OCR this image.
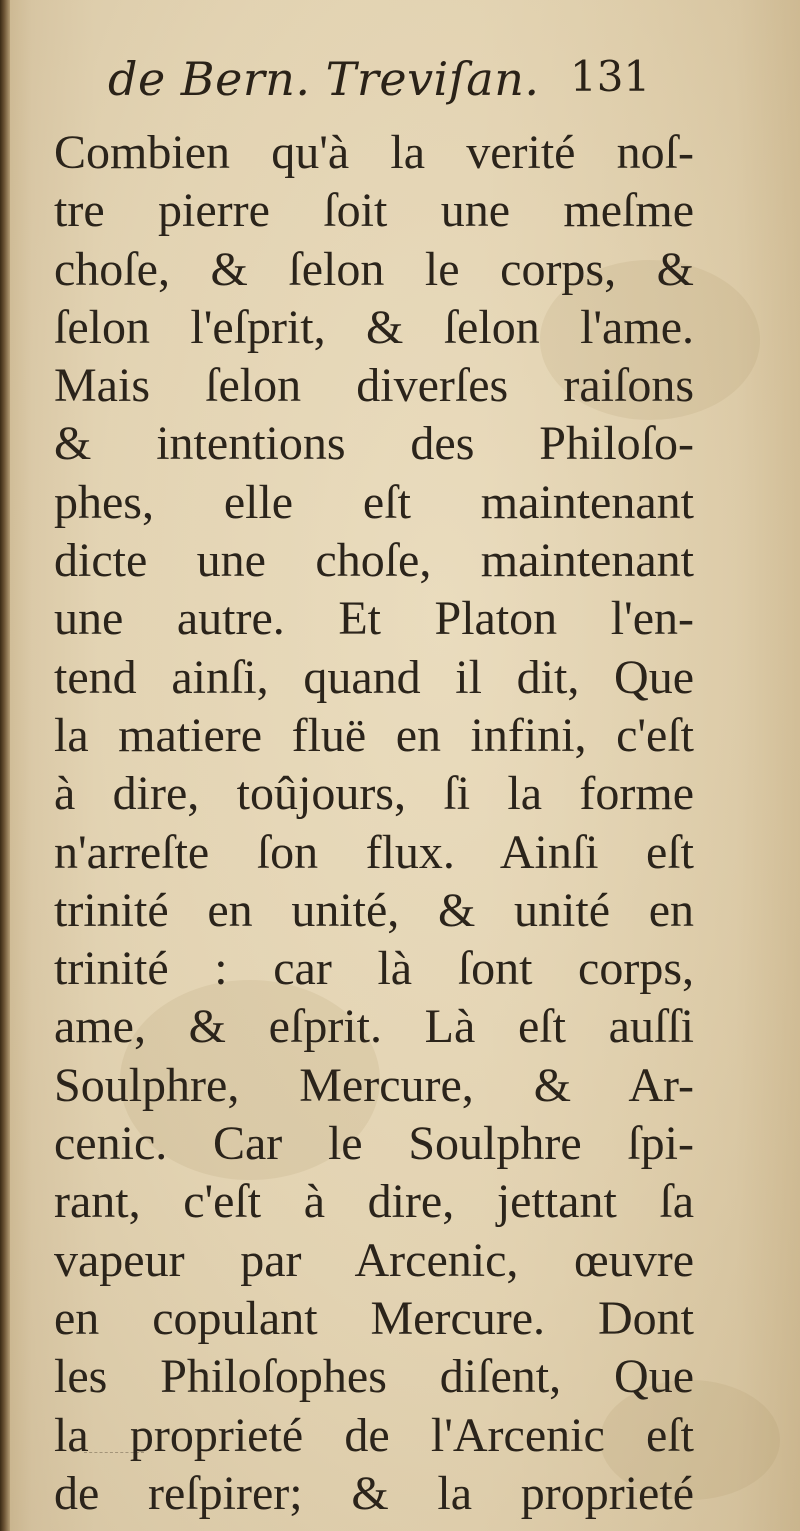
de Bern. Treviſan. 131
Combien qu'à la verité noſ-
tre pierre ſoit une meſme
choſe, & ſelon le corps, &
ſelon l'eſprit, & ſelon l'ame.
Mais ſelon diverſes raiſons
& intentions des Philoſo-
phes, elle eſt maintenant
dicte une choſe, maintenant
une autre. Et Platon l'en-
tend ainſi, quand il dit, Que
la matiere fluë en infini, c'eſt
à dire, toûjours, ſi la forme
n'arreſte ſon flux. Ainſi eſt
trinité en unité, & unité en
trinité : car là ſont corps,
ame, & eſprit. Là eſt auſſi
Soulphre, Mercure, & Ar-
cenic. Car le Soulphre ſpi-
rant, c'eſt à dire, jettant ſa
vapeur par Arcenic, œuvre
en copulant Mercure. Dont
les Philoſophes diſent, Que
la proprieté de l'Arcenic eſt
de reſpirer; & la proprieté
